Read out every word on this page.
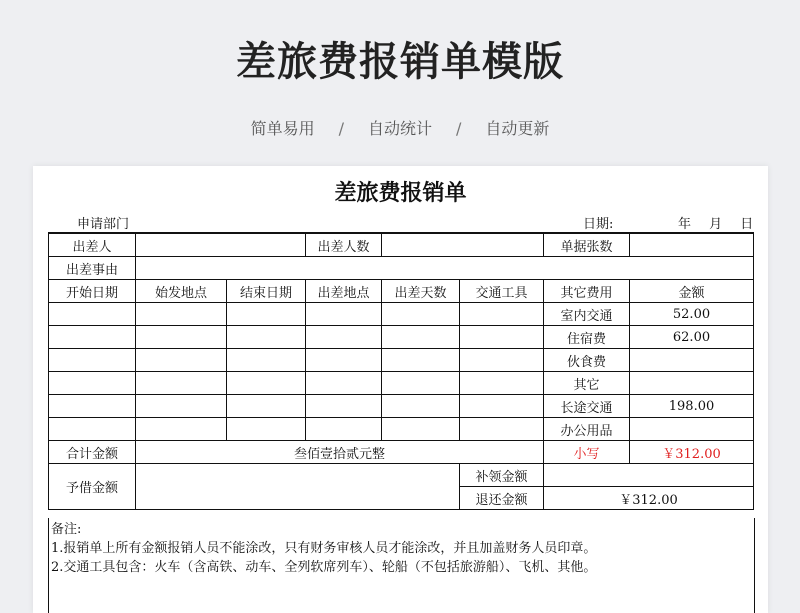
差旅费报销单模版
简单易用 / 自动统计 / 自动更新
差旅费报销单
申请部门	日期:	年 月 日
出差人			出差人数			单据张数	
出差事由							
开始日期	始发地点	结束日期	出差地点	出差天数	交通工具	其它费用	金额
						室内交通	52.00
						住宿费	62.00
						伙食费	
						其它	
						长途交通	198.00
						办公用品	
合计金额	叁佰壹拾贰元整					小写	￥312.00
予借金额					补领金额		
					退还金额	￥312.00	
备注:
1.报销单上所有金额报销人员不能涂改，只有财务审核人员才能涂改，并且加盖财务人员印章。
2.交通工具包含：火车（含高铁、动车、全列软席列车）、轮船（不包括旅游船）、飞机、其他。
